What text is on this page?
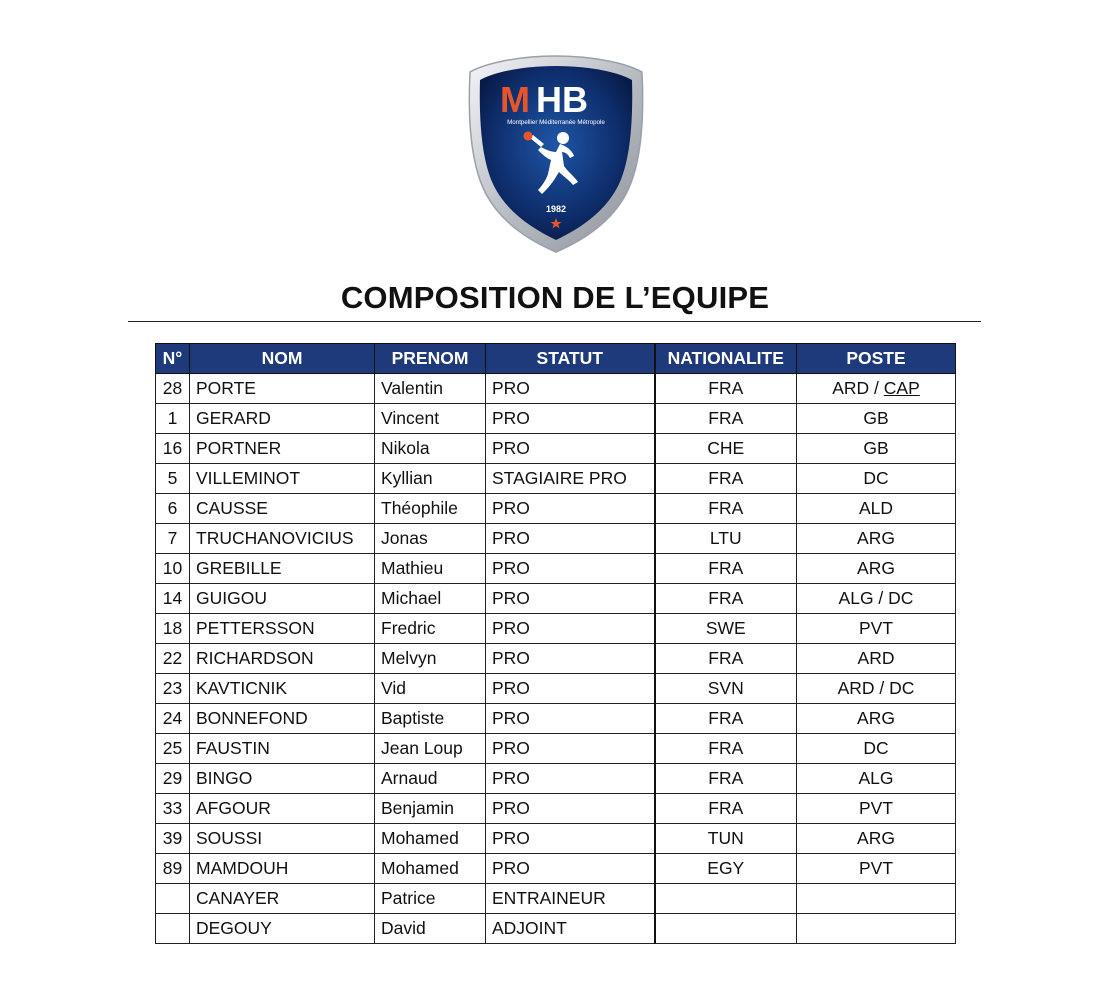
M HB
Montpellier Méditerranée Métropole
1982
COMPOSITION DE L’EQUIPE
N°	NOM	PRENOM	STATUT	NATIONALITE	POSTE
28	PORTE	Valentin	PRO	FRA	ARD / CAP
1	GERARD	Vincent	PRO	FRA	GB
16	PORTNER	Nikola	PRO	CHE	GB
5	VILLEMINOT	Kyllian	STAGIAIRE PRO	FRA	DC
6	CAUSSE	Théophile	PRO	FRA	ALD
7	TRUCHANOVICIUS	Jonas	PRO	LTU	ARG
10	GREBILLE	Mathieu	PRO	FRA	ARG
14	GUIGOU	Michael	PRO	FRA	ALG / DC
18	PETTERSSON	Fredric	PRO	SWE	PVT
22	RICHARDSON	Melvyn	PRO	FRA	ARD
23	KAVTICNIK	Vid	PRO	SVN	ARD / DC
24	BONNEFOND	Baptiste	PRO	FRA	ARG
25	FAUSTIN	Jean Loup	PRO	FRA	DC
29	BINGO	Arnaud	PRO	FRA	ALG
33	AFGOUR	Benjamin	PRO	FRA	PVT
39	SOUSSI	Mohamed	PRO	TUN	ARG
89	MAMDOUH	Mohamed	PRO	EGY	PVT
	CANAYER	Patrice	ENTRAINEUR		
	DEGOUY	David	ADJOINT		
